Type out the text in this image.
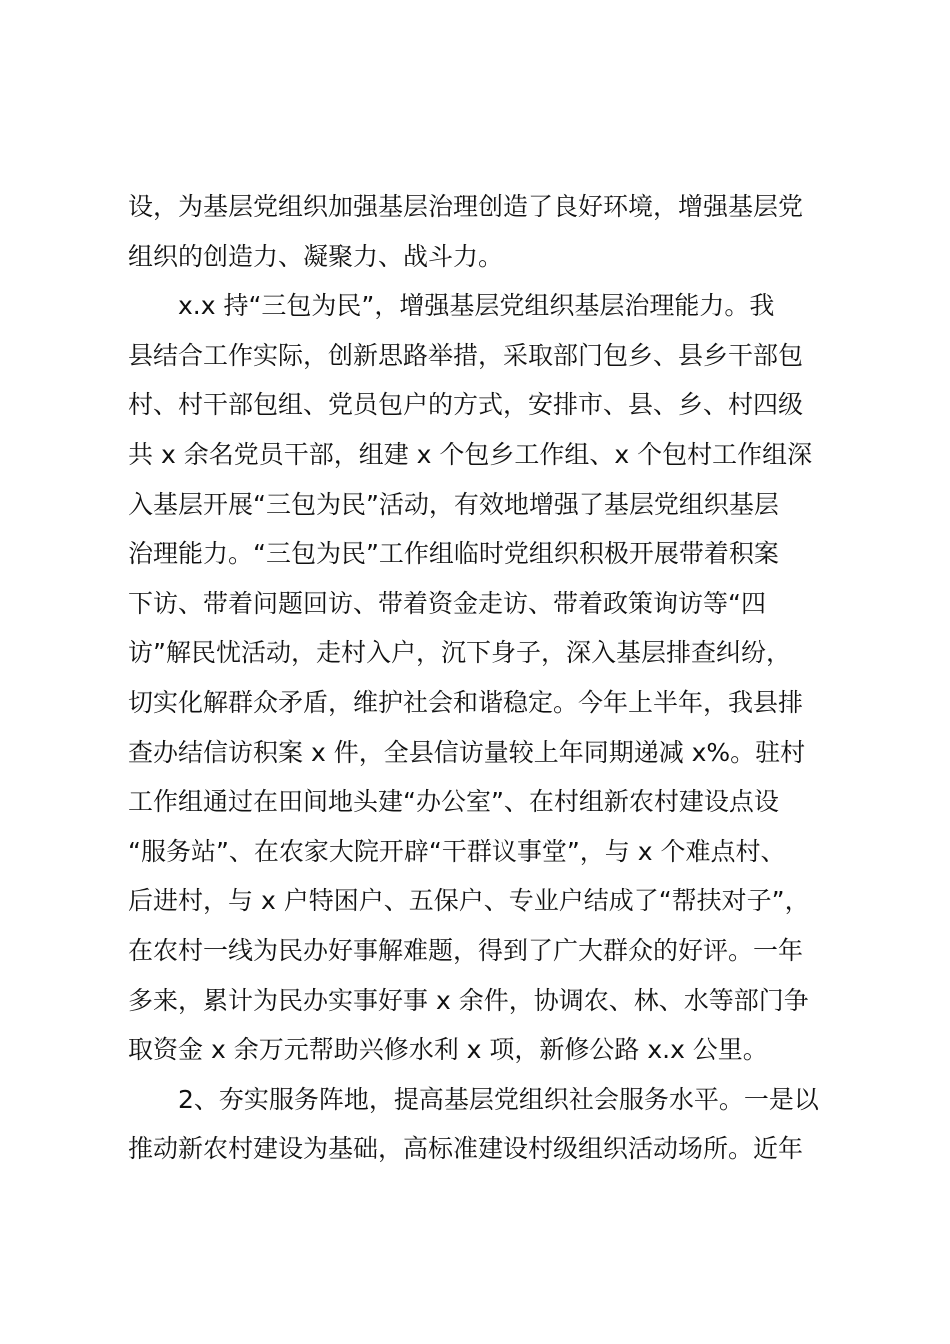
设，为基层党组织加强基层治理创造了良好环境，增强基层党
组织的创造力、凝聚力、战斗力。
x.x 持“三包为民”，增强基层党组织基层治理能力。我
县结合工作实际，创新思路举措，采取部门包乡、县乡干部包
村、村干部包组、党员包户的方式，安排市、县、乡、村四级
共 x 余名党员干部，组建 x 个包乡工作组、x 个包村工作组深
入基层开展“三包为民”活动，有效地增强了基层党组织基层
治理能力。“三包为民”工作组临时党组织积极开展带着积案
下访、带着问题回访、带着资金走访、带着政策询访等“四
访”解民忧活动，走村入户，沉下身子，深入基层排查纠纷，
切实化解群众矛盾，维护社会和谐稳定。今年上半年，我县排
查办结信访积案 x 件，全县信访量较上年同期递减 x%。驻村
工作组通过在田间地头建“办公室”、在村组新农村建设点设
“服务站”、在农家大院开辟“干群议事堂”，与 x 个难点村、
后进村，与 x 户特困户、五保户、专业户结成了“帮扶对子”，
在农村一线为民办好事解难题，得到了广大群众的好评。一年
多来，累计为民办实事好事 x 余件，协调农、林、水等部门争
取资金 x 余万元帮助兴修水利 x 项，新修公路 x.x 公里。
2、夯实服务阵地，提高基层党组织社会服务水平。一是以
推动新农村建设为基础，高标准建设村级组织活动场所。近年
